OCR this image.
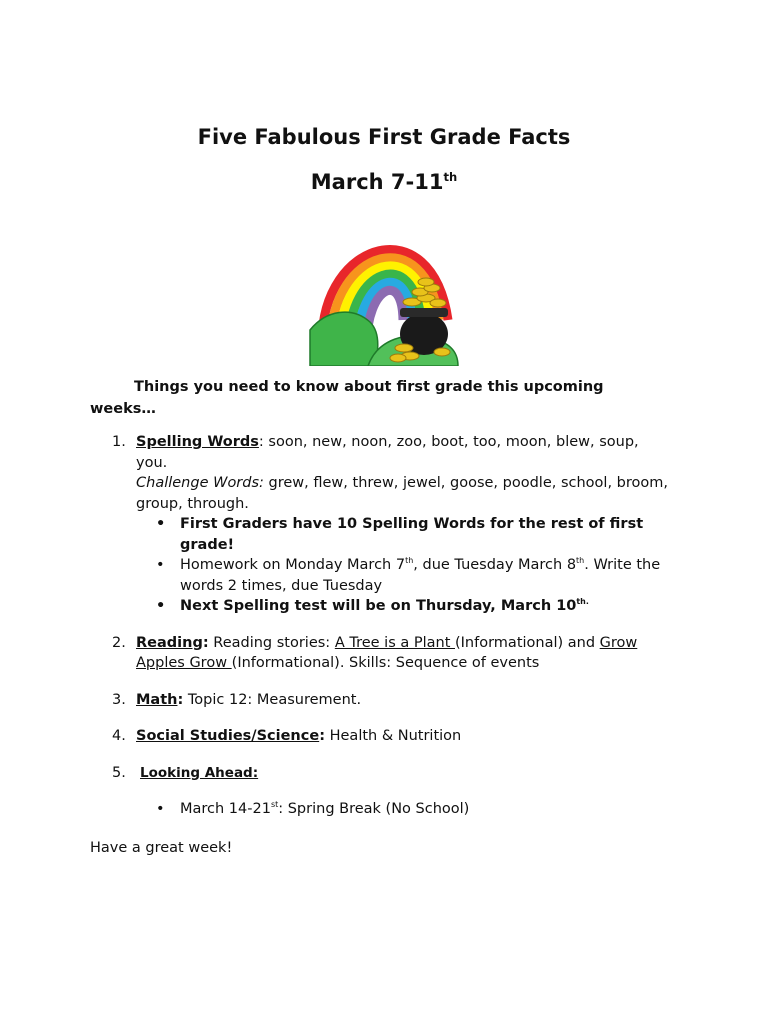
Five Fabulous First Grade Facts
March 7-11th

Things you need to know about first grade this upcoming weeks…

1. Spelling Words: soon, new, noon, zoo, boot, too, moon, blew, soup, you.
Challenge Words: grew, flew, threw, jewel, goose, poodle, school, broom, group, through.
• First Graders have 10 Spelling Words for the rest of first grade!
• Homework on Monday March 7th, due Tuesday March 8th. Write the words 2 times, due Tuesday
• Next Spelling test will be on Thursday, March $10^{th.}$
2. Reading: Reading stories: A Tree is a Plant (Informational) and Grow Apples Grow (Informational). Skills: Sequence of events
3. Math: Topic 12: Measurement.
4. Social Studies/Science: Health & Nutrition
5. Looking Ahead:
• March 14-21st: Spring Break (No School)

Have a great week!
